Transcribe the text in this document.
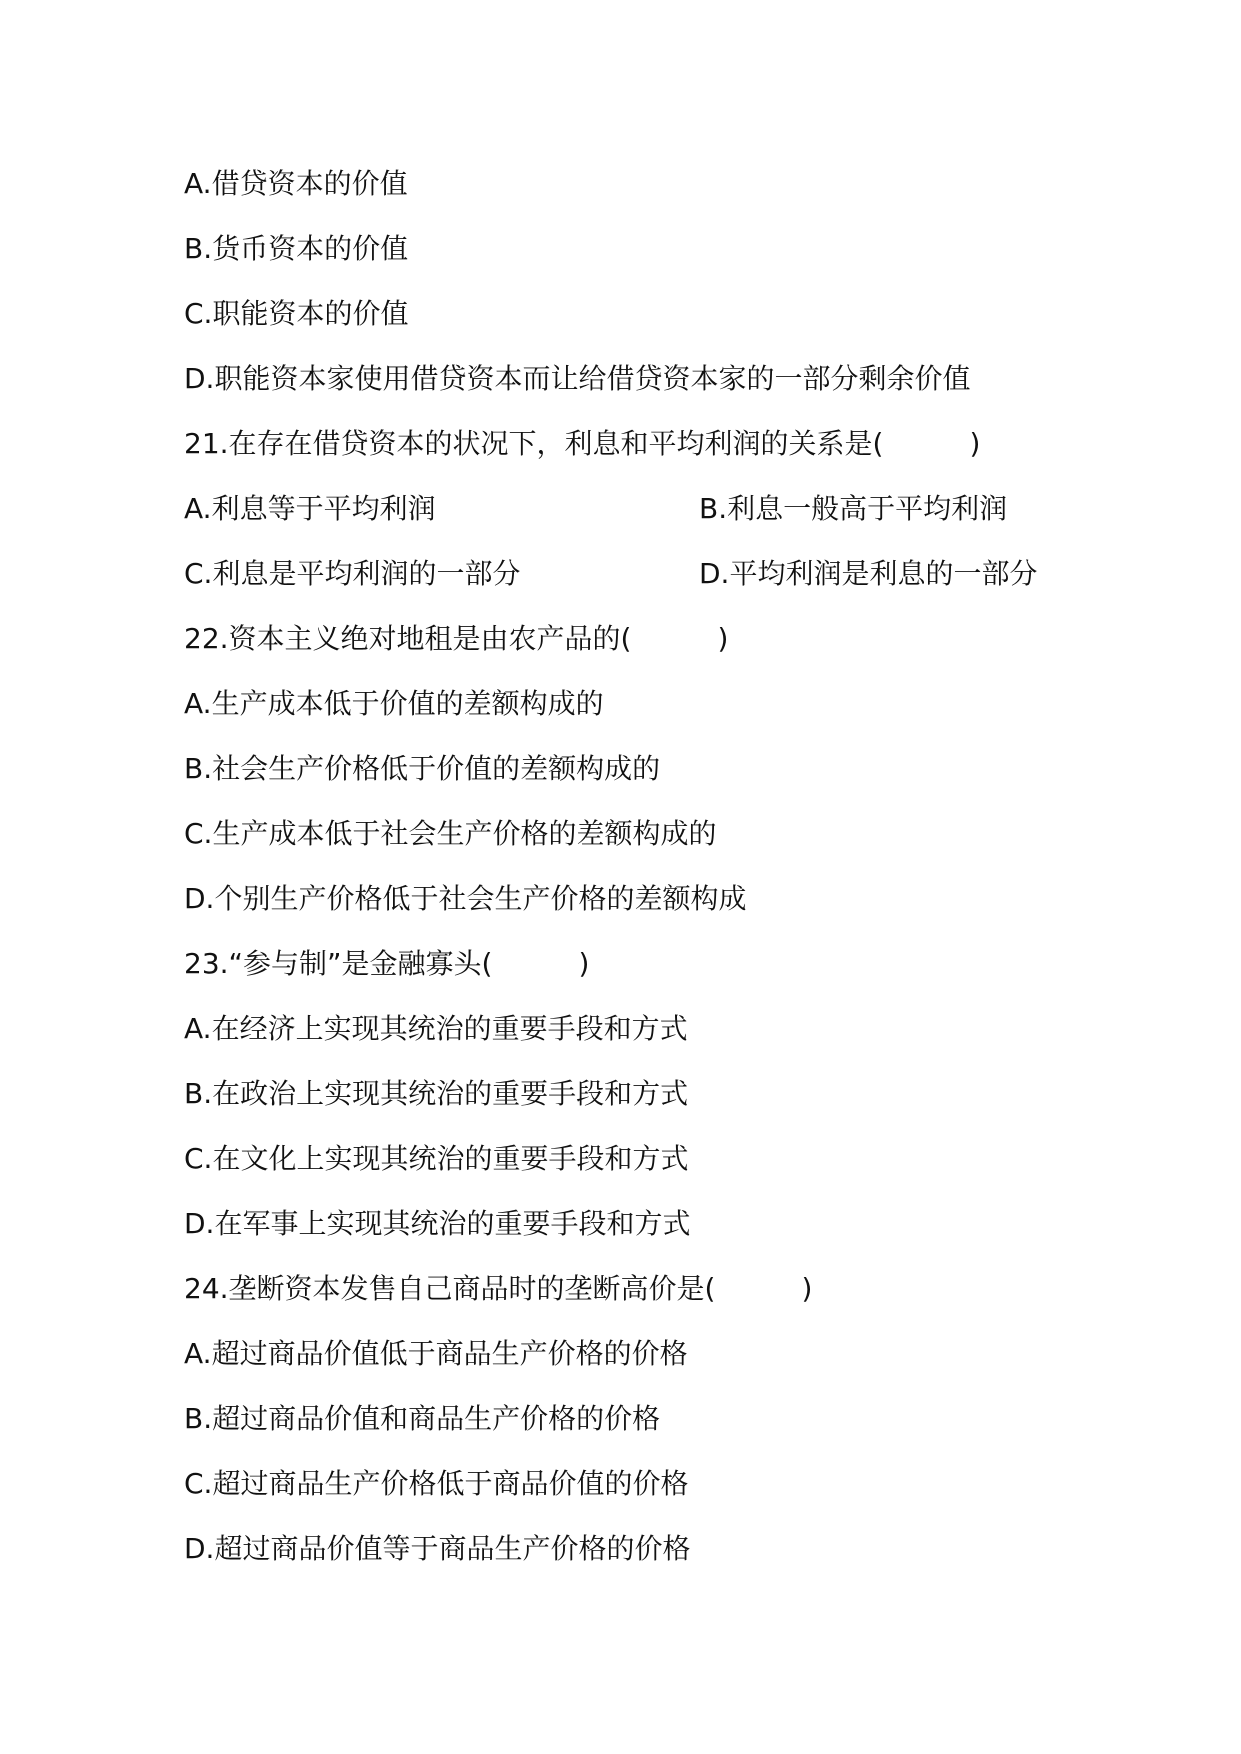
A.借贷资本的价值
B.货币资本的价值
C.职能资本的价值
D.职能资本家使用借贷资本而让给借贷资本家的一部分剩余价值
21.在存在借贷资本的状况下，利息和平均利润的关系是(	)
A.利息等于平均利润	B.利息一般高于平均利润
C.利息是平均利润的一部分	D.平均利润是利息的一部分
22.资本主义绝对地租是由农产品的(	)
A.生产成本低于价值的差额构成的
B.社会生产价格低于价值的差额构成的
C.生产成本低于社会生产价格的差额构成的
D.个别生产价格低于社会生产价格的差额构成
23.“参与制”是金融寡头(	)
A.在经济上实现其统治的重要手段和方式
B.在政治上实现其统治的重要手段和方式
C.在文化上实现其统治的重要手段和方式
D.在军事上实现其统治的重要手段和方式
24.垄断资本发售自己商品时的垄断高价是(	)
A.超过商品价值低于商品生产价格的价格
B.超过商品价值和商品生产价格的价格
C.超过商品生产价格低于商品价值的价格
D.超过商品价值等于商品生产价格的价格
